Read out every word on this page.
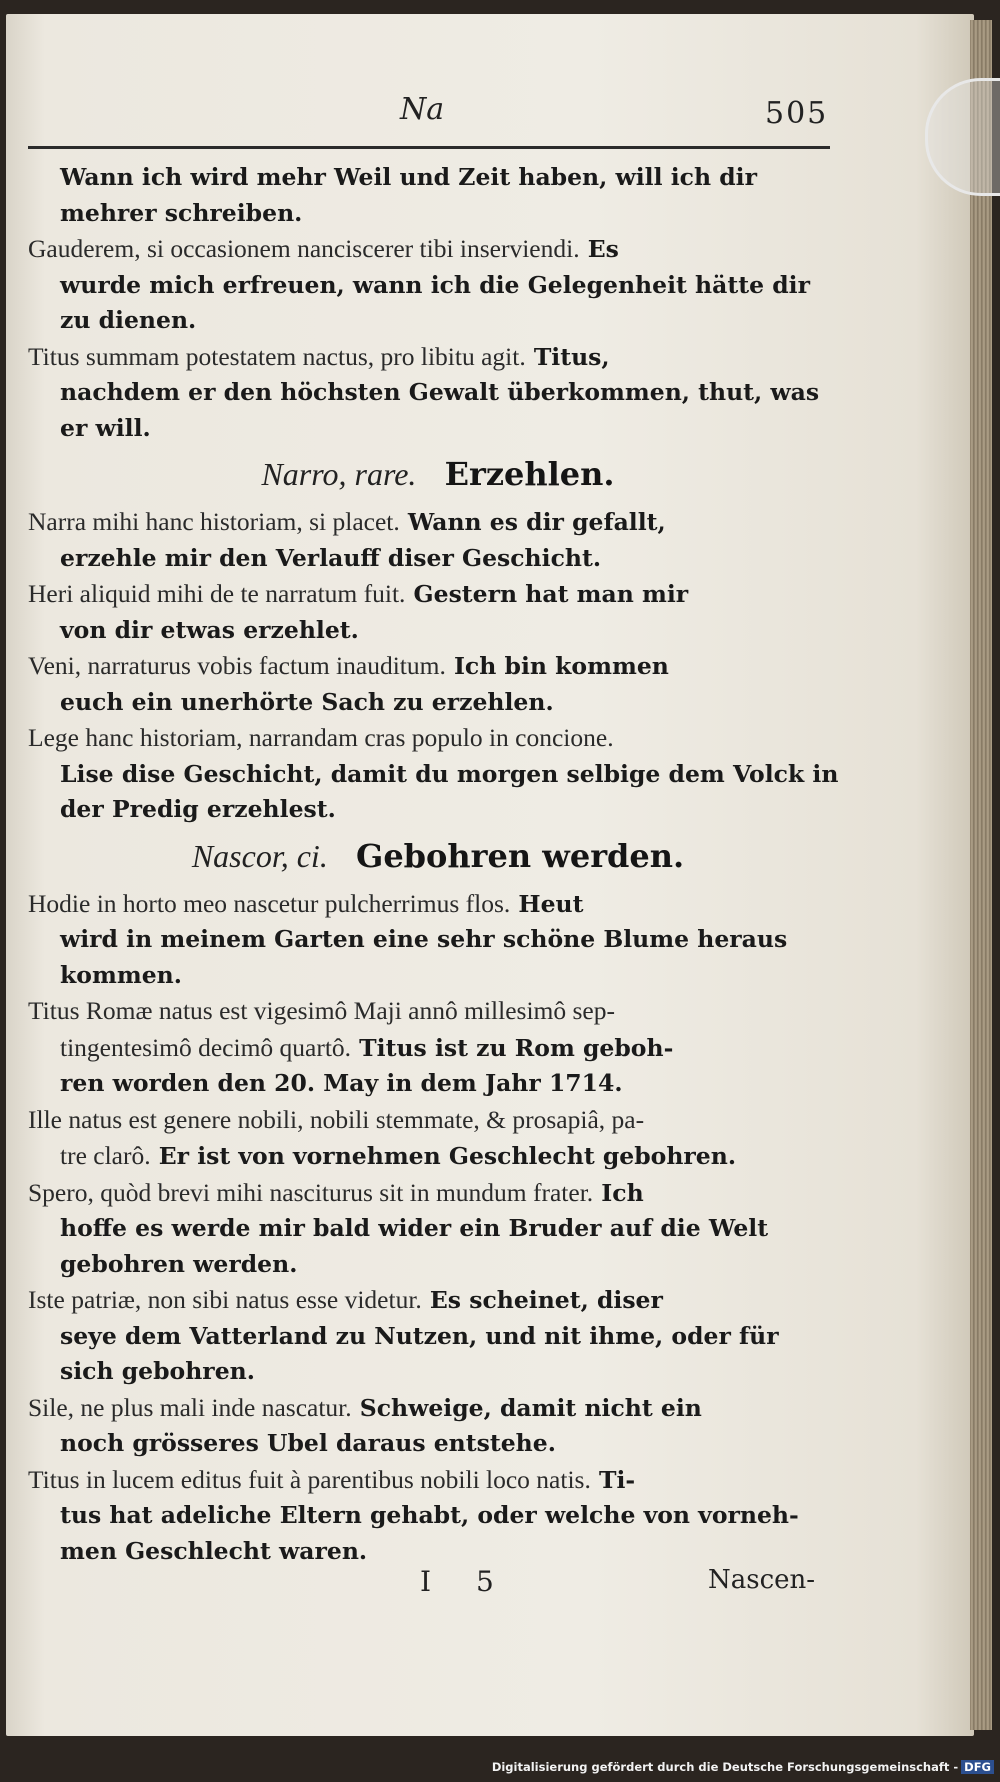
Na	505
Wann ich wird mehr Weil und Zeit haben, will ich dir
mehrer schreiben.
Gauderem, si occasionem nanciscerer tibi inserviendi. Es
wurde mich erfreuen, wann ich die Gelegenheit hätte dir
zu dienen.
Titus summam potestatem nactus, pro libitu agit. Titus,
nachdem er den höchsten Gewalt überkommen, thut, was
er will.
Narro, rare. Erzehlen.
Narra mihi hanc historiam, si placet. Wann es dir gefallt,
erzehle mir den Verlauff diser Geschicht.
Heri aliquid mihi de te narratum fuit. Gestern hat man mir
von dir etwas erzehlet.
Veni, narraturus vobis factum inauditum. Ich bin kommen
euch ein unerhörte Sach zu erzehlen.
Lege hanc historiam, narrandam cras populo in concione.
Lise dise Geschicht, damit du morgen selbige dem Volck in
der Predig erzehlest.
Nascor, ci. Gebohren werden.
Hodie in horto meo nascetur pulcherrimus flos. Heut
wird in meinem Garten eine sehr schöne Blume heraus
kommen.
Titus Romæ natus est vigesimô Maji annô millesimô sep-
tingentesimô decimô quartô. Titus ist zu Rom geboh-
ren worden den 20. May in dem Jahr 1714.
Ille natus est genere nobili, nobili stemmate, & prosapiâ, pa-
tre clarô. Er ist von vornehmen Geschlecht gebohren.
Spero, quòd brevi mihi nasciturus sit in mundum frater. Ich
hoffe es werde mir bald wider ein Bruder auf die Welt
gebohren werden.
Iste patriæ, non sibi natus esse videtur. Es scheinet, diser
seye dem Vatterland zu Nutzen, und nit ihme, oder für
sich gebohren.
Sile, ne plus mali inde nascatur. Schweige, damit nicht ein
noch grösseres Ubel daraus entstehe.
Titus in lucem editus fuit à parentibus nobili loco natis. Ti-
tus hat adeliche Eltern gehabt, oder welche von vorneh-
men Geschlecht waren.
I 5	Nascen-
Digitalisierung gefördert durch die Deutsche Forschungsgemeinschaft - DFG
